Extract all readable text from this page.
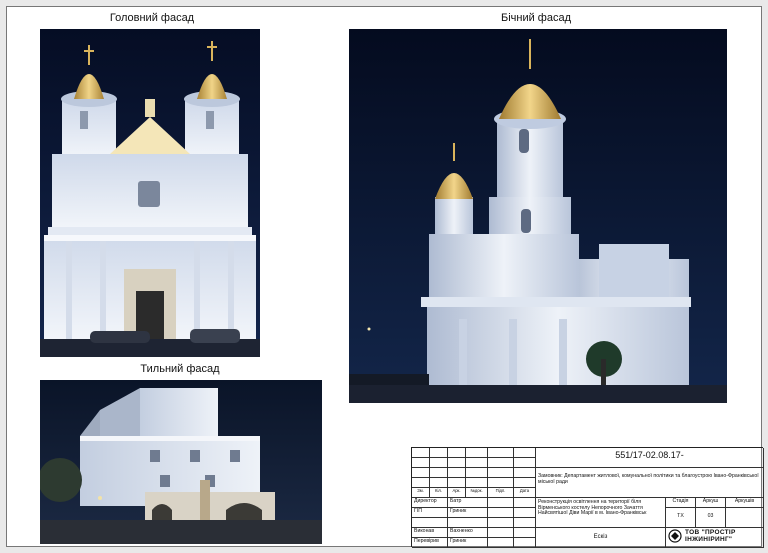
Головний фасад	Бічний фасад
Тильний фасад
Зм.	Кіл.	Арк.	№док.	Підп.	Дата
Директор	Батр
ГІП	Гриник
Виконав	Вахненко
Перевірив	Гриник
551/17-02.08.17-
Замовник: Департамент житлової, комунальної політики та благоустрою Івано-Франківської міської ради
Реконструкція освітлення на території біля Вірменського костелу Непорочного Зачаття Найсвятішої Діви Марії в м. Івано-Франківськ
Стадія	Аркуш	Аркушів
ТХ	03
Ескіз
ТОВ "ПРОСТІР
ІНЖИНІРИНГ"
